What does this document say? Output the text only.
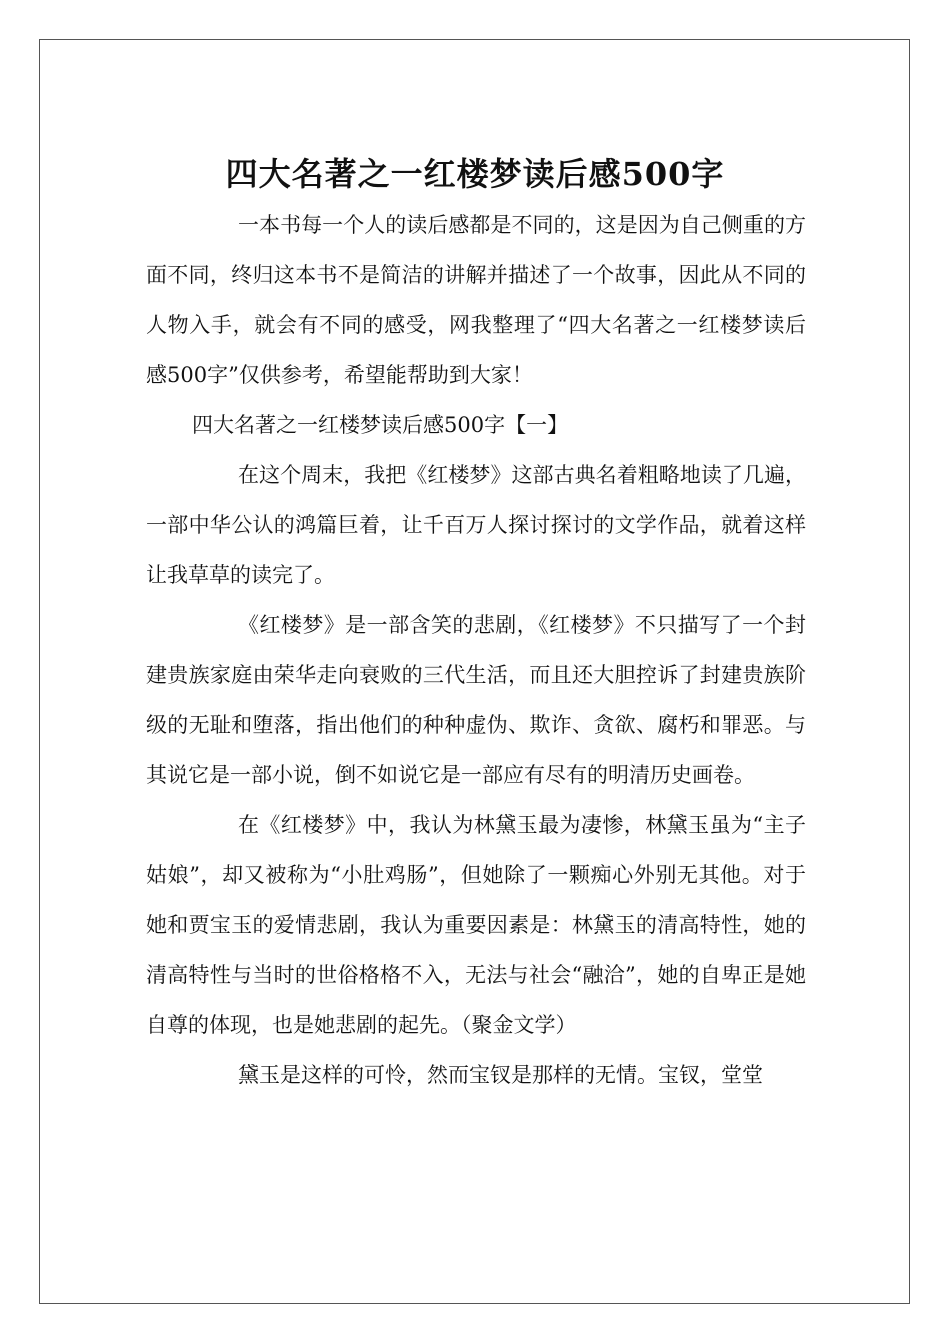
四大名著之一红楼梦读后感500字

一本书每一个人的读后感都是不同的，这是因为自己侧重的方面不同，终归这本书不是简洁的讲解并描述了一个故事，因此从不同的人物入手，就会有不同的感受，网我整理了“四大名著之一红楼梦读后感500字”仅供参考，希望能帮助到大家！

四大名著之一红楼梦读后感500字【一】

在这个周末，我把《红楼梦》这部古典名着粗略地读了几遍，一部中华公认的鸿篇巨着，让千百万人探讨探讨的文学作品，就着这样让我草草的读完了。

《红楼梦》是一部含笑的悲剧，《红楼梦》不只描写了一个封建贵族家庭由荣华走向衰败的三代生活，而且还大胆控诉了封建贵族阶级的无耻和堕落，指出他们的种种虚伪、欺诈、贪欲、腐朽和罪恶。与其说它是一部小说，倒不如说它是一部应有尽有的明清历史画卷。

在《红楼梦》中，我认为林黛玉最为凄惨，林黛玉虽为“主子姑娘”，却又被称为“小肚鸡肠”，但她除了一颗痴心外别无其他。对于她和贾宝玉的爱情悲剧，我认为重要因素是：林黛玉的清高特性，她的清高特性与当时的世俗格格不入，无法与社会“融洽”，她的自卑正是她自尊的体现，也是她悲剧的起先。（聚金文学）

黛玉是这样的可怜，然而宝钗是那样的无情。宝钗，堂堂
